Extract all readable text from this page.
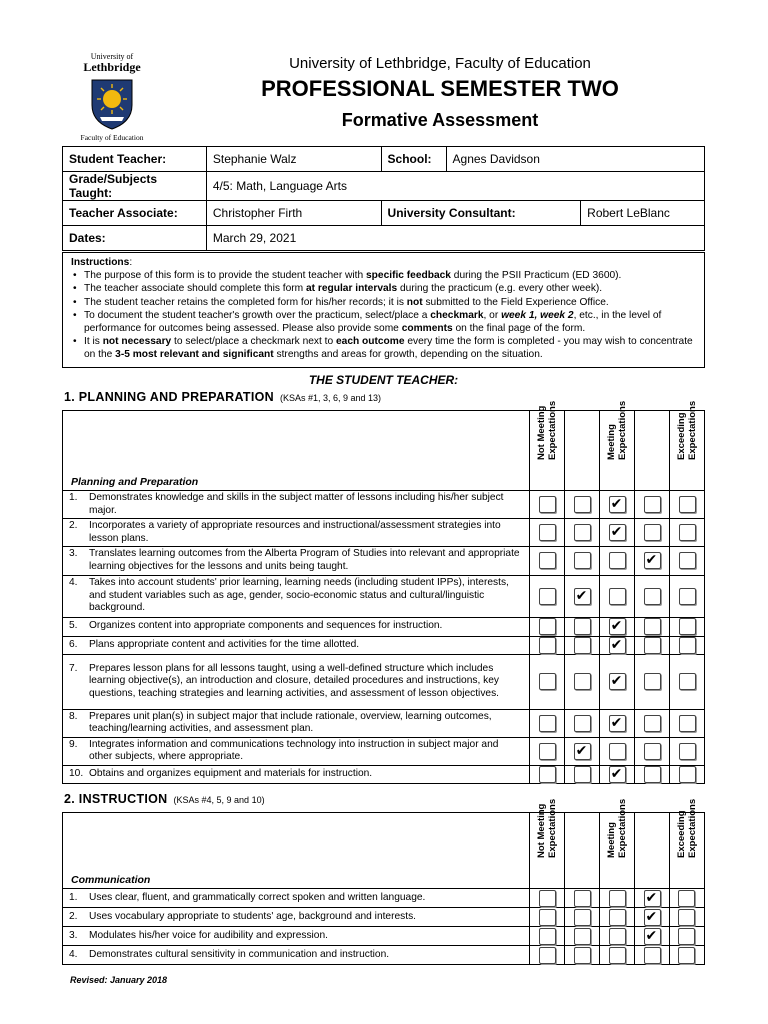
University of
Lethbridge
Faculty of Education
University of Lethbridge, Faculty of Education
PROFESSIONAL SEMESTER TWO
Formative Assessment
Student Teacher:	Stephanie Walz	School:	Agnes Davidson	
Grade/Subjects Taught:	4/5: Math, Language Arts			
Teacher Associate:	Christopher Firth	University Consultant:		Robert LeBlanc
Dates:	March 29, 2021			
Instructions:
• The purpose of this form is to provide the student teacher with specific feedback during the PSII Practicum (ED 3600).
• The teacher associate should complete this form at regular intervals during the practicum (e.g. every other week).
• The student teacher retains the completed form for his/her records; it is not submitted to the Field Experience Office.
• To document the student teacher's growth over the practicum, select/place a checkmark, or week 1, week 2, etc., in the level of performance for outcomes being assessed. Please also provide some comments on the final page of the form.
• It is not necessary to select/place a checkmark next to each outcome every time the form is completed - you may wish to concentrate on the 3-5 most relevant and significant strengths and areas for growth, depending on the situation.
THE STUDENT TEACHER:
1. PLANNING AND PREPARATION (KSAs #1, 3, 6, 9 and 13)
Planning and Preparation	Not Meeting
Expectations		Meeting
Expectations		Exceeding
Expectations

1. Demonstrates knowledge and skills in the subject matter of lessons including his/her subject major.			✔		

2. Incorporates a variety of appropriate resources and instructional/assessment strategies into lesson plans.			✔		

3. Translates learning outcomes from the Alberta Program of Studies into relevant and appropriate learning objectives for the lessons and units being taught.				✔	

4. Takes into account students' prior learning, learning needs (including student IPPs), interests, and student variables such as age, gender, socio-economic status and cultural/linguistic background.		✔			

5. Organizes content into appropriate components and sequences for instruction.			✔		

6. Plans appropriate content and activities for the time allotted.			✔		

7. Prepares lesson plans for all lessons taught, using a well-defined structure which includes learning objective(s), an introduction and closure, detailed procedures and instructions, key questions, teaching strategies and learning activities, and assessment of lesson objectives.			✔		

8. Prepares unit plan(s) in subject major that include rationale, overview, learning outcomes, teaching/learning activities, and assessment plan.			✔		

9. Integrates information and communications technology into instruction in subject major and other subjects, where appropriate.		✔			

10. Obtains and organizes equipment and materials for instruction.			✔		

2. INSTRUCTION (KSAs #4, 5, 9 and 10)
Communication	Not Meeting
Expectations		Meeting
Expectations		Exceeding
Expectations

1. Uses clear, fluent, and grammatically correct spoken and written language.				✔	

2. Uses vocabulary appropriate to students' age, background and interests.				✔	

3. Modulates his/her voice for audibility and expression.				✔	

4. Demonstrates cultural sensitivity in communication and instruction.					
Revised: January 2018
